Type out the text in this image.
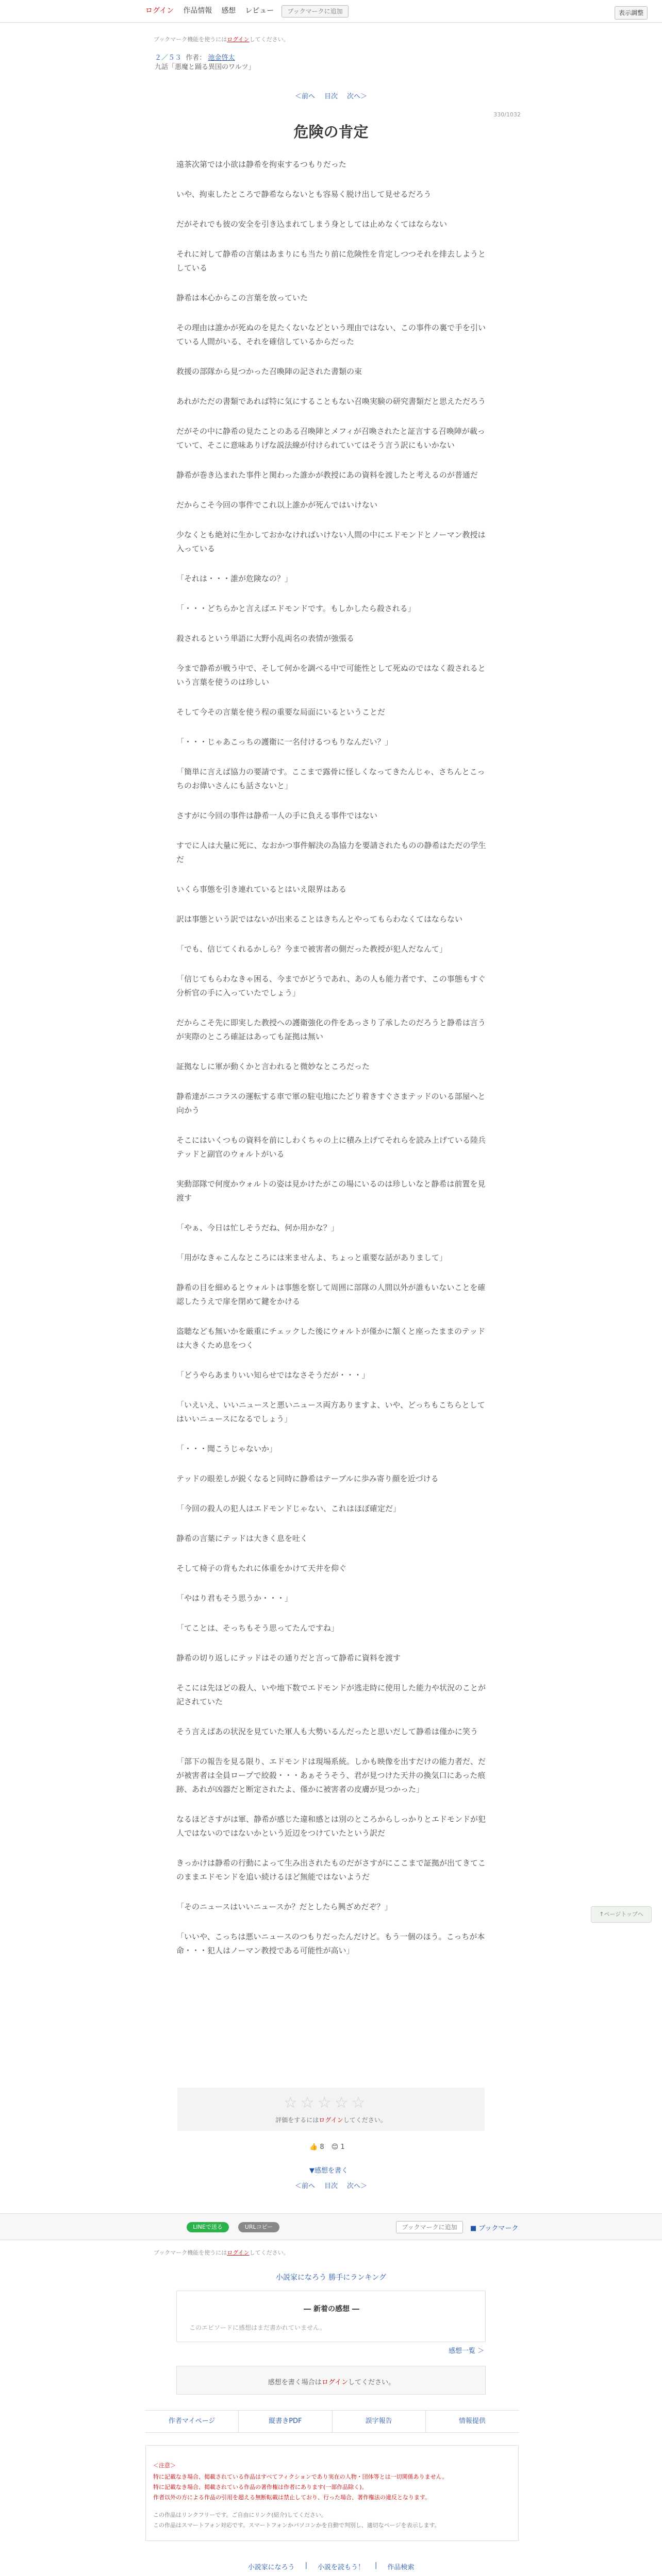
ログイン 作品情報 感想 レビュー	ブックマークに追加	表示調整
ブックマーク機能を使うにはログインしてください。
２／５３ 作者： 池金啓太
九話「悪魔と踊る異国のワルツ」
＜前へ 目次 次へ＞
330/1032
危険の肯定

遠茶次第では小欲は静希を拘束するつもりだった

いや、拘束したところで静希ならないとも容易く脱け出して見せるだろう

だがそれでも彼の安全を引き込まれてしまう身としては止めなくてはならない

それに対して静希の言葉はあまりにも当たり前に危険性を肯定しつつそれを排去しようとしている

静希は本心からこの言葉を放っていた

その理由は誰かが死ぬのを見たくないなどという理由ではない、この事件の裏で手を引いている人間がいる、それを確信しているからだった

救援の部隊から見つかった召喚陣の記された書類の束

あれがただの書類であれば特に気にすることもない召喚実験の研究書類だと思えただろう

だがその中に静希の見たことのある召喚陣とメフィが召喚されたと証言する召喚陣が載っていて、そこに意味ありげな説法線が付けられていてはそう言う訳にもいかない

静希が巻き込まれた事件と関わった誰かが教授にあの資料を渡したと考えるのが普通だ

だからこそ今回の事件でこれ以上誰かが死んではいけない

少なくとも絶対に生かしておかなければいけない人間の中にエドモンドとノーマン教授は入っている

「それは・・・誰が危険なの？」

「・・・どちらかと言えばエドモンドです。もしかしたら殺される」

殺されるという単語に大野小乱両名の表情が強張る

今まで静希が戦う中で、そして何かを調べる中で可能性として死ぬのではなく殺されるという言葉を使うのは珍しい

そして今その言葉を使う程の重要な局面にいるということだ

「・・・じゃあこっちの護衛に一名付けるつもりなんだい？」

「簡単に言えば協力の要請です。ここまで露骨に怪しくなってきたんじゃ、さちんとこっちのお偉いさんにも話さないと」

さすがに今回の事件は静希一人の手に負える事件ではない

すでに人は大量に死に、なおかつ事件解決の為協力を要請されたものの静希はただの学生だ

いくら事態を引き連れているとはいえ限界はある

訳は事態という訳ではないが出来ることはきちんとやってもらわなくてはならない

「でも、信じてくれるかしら？今まで被害者の側だった教授が犯人だなんて」

「信じてもらわなきゃ困る、今までがどうであれ、あの人も能力者です、この事態もすぐ分析官の手に入っていたでしょう」

だからこそ先に即実した教授への護衛強化の件をあっさり了承したのだろうと静希は言うが実際のところ確証はあっても証拠は無い

証拠なしに軍が動くかと言われると微妙なところだった

静希達がニコラスの運転する車で軍の駐屯地にたどり着きすぐさまテッドのいる部屋へと向かう

そこにはいくつもの資料を前にしわくちゃの上に積み上げてそれらを読み上げている陸兵テッドと副官のウォルトがいる

実動部隊で何度かウォルトの姿は見かけたがこの場にいるのは珍しいなと静希は前置を見渡す

「やぁ、今日は忙しそうだね、何か用かな？」

「用がなきゃこんなところには来ませんよ、ちょっと重要な話がありまして」

静希の目を細めるとウォルトは事態を察して周囲に部隊の人間以外が誰もいないことを確認したうえで扉を閉めて鍵をかける

盗聴なども無いかを厳重にチェックした後にウォルトが僅かに頷くと座ったままのテッドは大きくため息をつく

「どうやらあまりいい知らせではなさそうだが・・・」

「いえいえ、いいニュースと悪いニュース両方ありますよ、いや、どっちもこちらとしてはいいニュースになるでしょう」

「・・・聞こうじゃないか」

テッドの眼差しが鋭くなると同時に静希はテーブルに歩み寄り顔を近づける

「今回の殺人の犯人はエドモンドじゃない、これはほぼ確定だ」

静希の言葉にテッドは大きく息を吐く

そして椅子の背もたれに体重をかけて天井を仰ぐ

「やはり君もそう思うか・・・」

「てことは、そっちもそう思ってたんですね」

静希の切り返しにテッドはその通りだと言って静希に資料を渡す

そこには先ほどの殺人、いや地下数でエドモンドが逃走時に使用した能力や状況のことが記されていた

そう言えばあの状況を見ていた軍人も大勢いるんだったと思いだして静希は僅かに笑う

「部下の報告を見る限り、エドモンドは現場系統。しかも映像を出すだけの能力者だ、だが被害者は全員ロープで絞殺・・・あぁそうそう、君が見つけた天井の換気口にあった痕跡、あれが凶器だと断定されたよ、僅かに被害者の皮膚が見つかった」

なるほどさすがは軍、静希が感じた違和感とは別のところからしっかりとエドモンドが犯人ではないのではないかという近辺をつけていたという訳だ

きっかけは静希の行動によって生み出されたものだがさすがにここまで証拠が出てきてこのままエドモンドを追い続けるほど無能ではないようだ

「そのニュースはいいニュースか？だとしたら興ざめだぞ？」

「いいや、こっちは悪いニュースのつもりだったんだけど。もう一個のほう。こっちが本命・・・犯人はノーマン教授である可能性が高い」

☆ ☆ ☆ ☆ ☆
評価をするにはログインしてください。
👍 8 😊 1
▼感想を書く
＜前へ 目次 次へ＞
LINEで送る	URLコピー	ブックマークに追加	■ ブックマーク
ブックマーク機能を使うにはログインしてください。
小説家になろう 勝手にランキング
― 新着の感想 ―
このエピソードに感想はまだ書かれていません。
感想一覧 ＞
感想を書く場合はログインしてください。
作者マイページ	縦書きPDF	誤字報告	情報提供
＜注意＞
特に記載なき場合、掲載されている作品はすべてフィクションであり実在の人物・団体等とは一切関係ありません。
特に記載なき場合、掲載されている作品の著作権は作者にあります(一部作品除く)。
作者以外の方による作品の引用を超える無断転載は禁止しており、行った場合、著作権法の違反となります。
この作品はリンクフリーです。ご自由にリンク(紹介)してください。
この作品はスマートフォン対応です。スマートフォンかパソコンかを自動で判別し、適切なページを表示します。
小説家になろう | 小説を読もう！ | 作品検索
↑ページトップへ
